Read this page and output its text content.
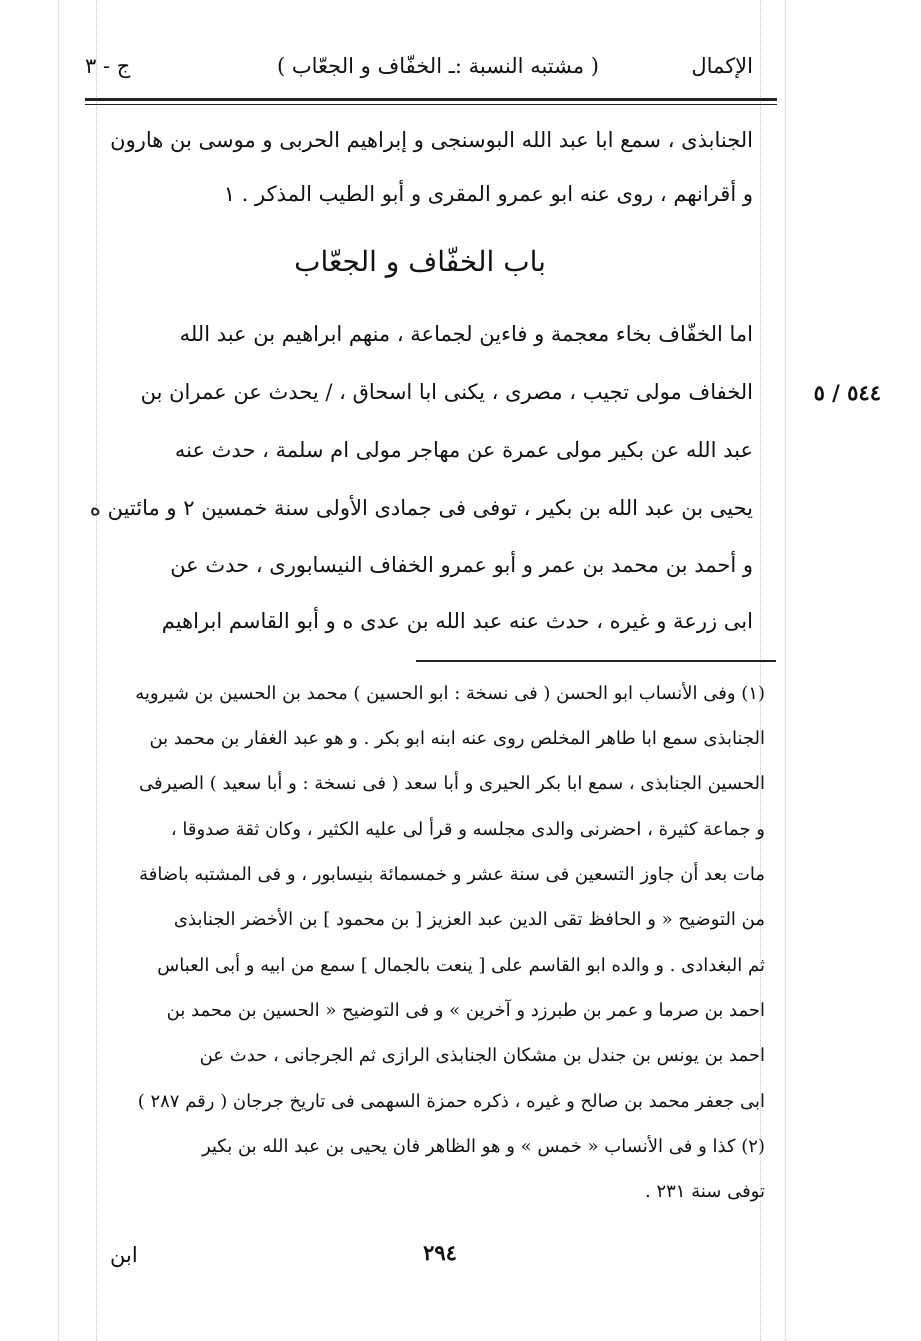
الإكمال
( مشتبه النسبة :ـ الخفّاف و الجعّاب )
ج - ٣
الجنابذى ، سمع ابا عبد الله البوسنجى و إبراهيم الحربى و موسى بن هارون
و أقرانهم ، روى عنه ابو عمرو المقرى و أبو الطيب المذكر . ١
باب الخفّاف و الجعّاب
اما الخفّاف بخاء معجمة و فاءين لجماعة ، منهم ابراهيم بن عبد الله
الخفاف مولى تجيب ، مصرى ، يكنى ابا اسحاق ، / يحدث عن عمران بن
عبد الله عن بكير مولى عمرة عن مهاجر مولى ام سلمة ، حدث عنه
يحيى بن عبد الله بن بكير ، توفى فى جمادى الأولى سنة خمسين ٢ و مائتين ه
و أحمد بن محمد بن عمر و أبو عمرو الخفاف النيسابورى ، حدث عن
ابى زرعة و غيره ، حدث عنه عبد الله بن عدى ه و أبو القاسم ابراهيم
٥٤٤ / ٥
(١) وفى الأنساب ابو الحسن ( فى نسخة : ابو الحسين ) محمد بن الحسين بن شيرويه
الجنابذى سمع ابا طاهر المخلص روى عنه ابنه ابو بكر . و هو عبد الغفار بن محمد بن
الحسين الجنابذى ، سمع ابا بكر الحيرى و أبا سعد ( فى نسخة : و أبا سعيد ) الصيرفى
و جماعة كثيرة ، احضرنى والدى مجلسه و قرأ لى عليه الكثير ، وكان ثقة صدوقا ،
مات بعد أن جاوز التسعين فى سنة عشر و خمسمائة بنيسابور ، و فى المشتبه باضافة
من التوضيح « و الحافظ تقى الدين عبد العزيز [ بن محمود ] بن الأخضر الجنابذى
ثم البغدادى . و والده ابو القاسم على [ ينعت بالجمال ] سمع من ابيه و أبى العباس
احمد بن صرما و عمر بن طبرزد و آخرين » و فى التوضيح « الحسين بن محمد بن
احمد بن يونس بن جندل بن مشكان الجنابذى الرازى ثم الجرجانى ، حدث عن
ابى جعفر محمد بن صالح و غيره ، ذكره حمزة السهمى فى تاريخ جرجان ( رقم ٢٨٧ )
(٢) كذا و فى الأنساب « خمس » و هو الظاهر فان يحيى بن عبد الله بن بكير
توفى سنة ٢٣١ .
٢٩٤
ابن
